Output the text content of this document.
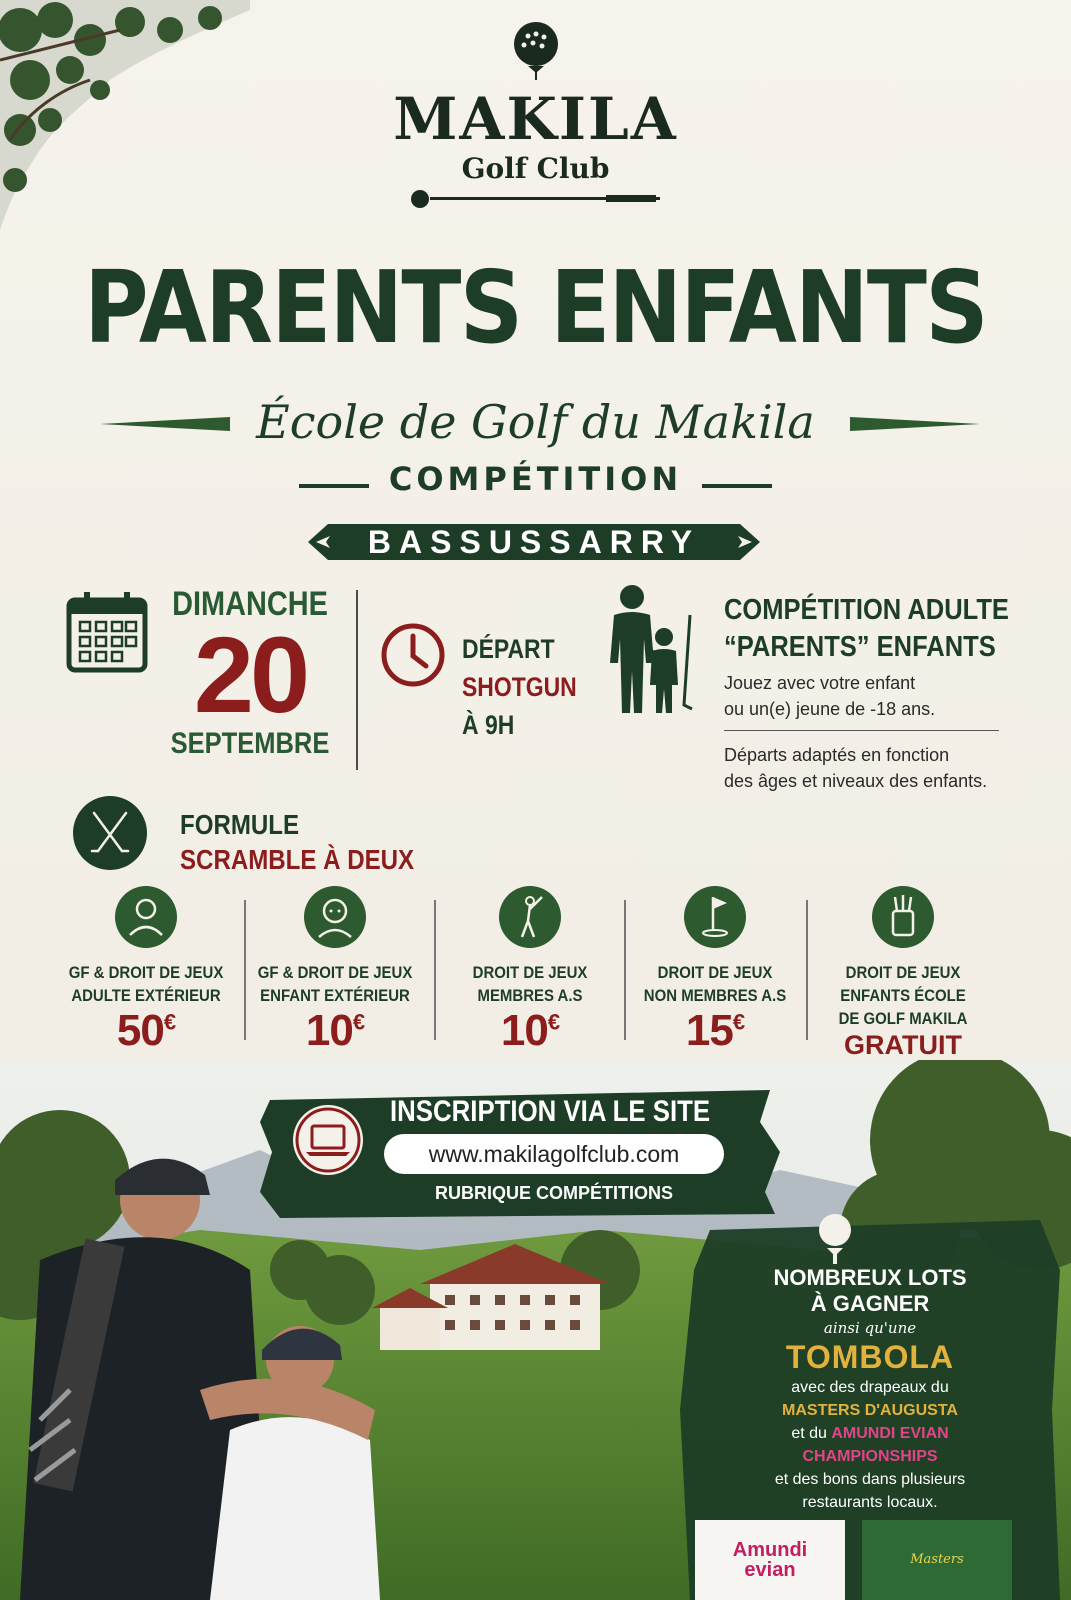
MAKILA
Golf Club
PARENTS ENFANTS
École de Golf du Makila
COMPÉTITION
BASSUSSARRY
DIMANCHE
20
SEPTEMBRE
DÉPART
SHOTGUN
À 9H
COMPÉTITION ADULTE
“PARENTS” ENFANTS
Jouez avec votre enfant
ou un(e) jeune de -18 ans.
Départs adaptés en fonction
des âges et niveaux des enfants.
FORMULE
SCRAMBLE À DEUX
GF & DROIT DE JEUX
ADULTE EXTÉRIEUR
50€
GF & DROIT DE JEUX
ENFANT EXTÉRIEUR
10€
DROIT DE JEUX
MEMBRES A.S
10€
DROIT DE JEUX
NON MEMBRES A.S
15€
DROIT DE JEUX
ENFANTS ÉCOLE
DE GOLF MAKILA
GRATUIT
INSCRIPTION VIA LE SITE
www.makilagolfclub.com
RUBRIQUE COMPÉTITIONS
NOMBREUX LOTS
À GAGNER
ainsi qu'une
TOMBOLA
avec des drapeaux du
MASTERS D'AUGUSTA
et du AMUNDI EVIAN
CHAMPIONSHIPS
et des bons dans plusieurs
restaurants locaux.
Amundi
evian	Masters
